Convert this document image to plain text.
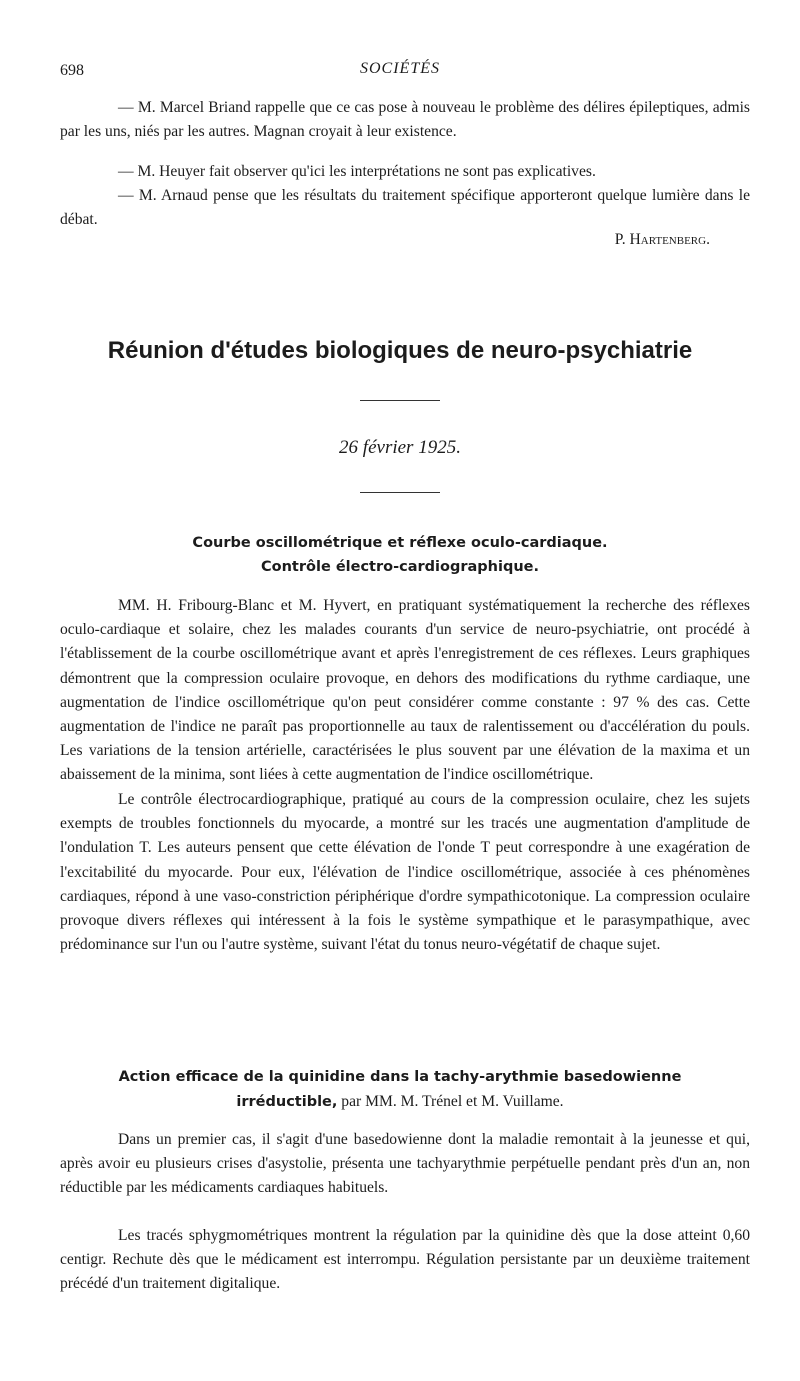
698	SOCIÉTÉS

— M. Marcel Briand rappelle que ce cas pose à nouveau le problème des délires épileptiques, admis par les uns, niés par les autres. Magnan croyait à leur existence.

— M. Heuyer fait observer qu'ici les interprétations ne sont pas explicatives.

— M. Arnaud pense que les résultats du traitement spécifique apporteront quelque lumière dans le débat.

P. Hartenberg.
Réunion d'études biologiques de neuro-psychiatrie
26 février 1925.
Courbe oscillométrique et réflexe oculo-cardiaque.
Contrôle électro-cardiographique.

MM. H. Fribourg-Blanc et M. Hyvert, en pratiquant systématiquement la recherche des réflexes oculo-cardiaque et solaire, chez les malades courants d'un service de neuro-psychiatrie, ont procédé à l'établissement de la courbe oscillométrique avant et après l'enregistrement de ces réflexes. Leurs graphiques démontrent que la compression oculaire provoque, en dehors des modifications du rythme cardiaque, une augmentation de l'indice oscillométrique qu'on peut considérer comme constante : 97 % des cas. Cette augmentation de l'indice ne paraît pas proportionnelle au taux de ralentissement ou d'accélération du pouls. Les variations de la tension artérielle, caractérisées le plus souvent par une élévation de la maxima et un abaissement de la minima, sont liées à cette augmentation de l'indice oscillométrique.

Le contrôle électrocardiographique, pratiqué au cours de la compression oculaire, chez les sujets exempts de troubles fonctionnels du myocarde, a montré sur les tracés une augmentation d'amplitude de l'ondulation T. Les auteurs pensent que cette élévation de l'onde T peut correspondre à une exagération de l'excitabilité du myocarde. Pour eux, l'élévation de l'indice oscillométrique, associée à ces phénomènes cardiaques, répond à une vaso-constriction périphérique d'ordre sympathicotonique. La compression oculaire provoque divers réflexes qui intéressent à la fois le système sympathique et le parasympathique, avec prédominance sur l'un ou l'autre système, suivant l'état du tonus neuro-végétatif de chaque sujet.

Action efficace de la quinidine dans la tachy-arythmie basedowienne
irréductible, par MM. M. Trénel et M. Vuillame.

Dans un premier cas, il s'agit d'une basedowienne dont la maladie remontait à la jeunesse et qui, après avoir eu plusieurs crises d'asystolie, présenta une tachyarythmie perpétuelle pendant près d'un an, non réductible par les médicaments cardiaques habituels.

Les tracés sphygmométriques montrent la régulation par la quinidine dès que la dose atteint 0,60 centigr. Rechute dès que le médicament est interrompu. Régulation persistante par un deuxième traitement précédé d'un traitement digitalique.
